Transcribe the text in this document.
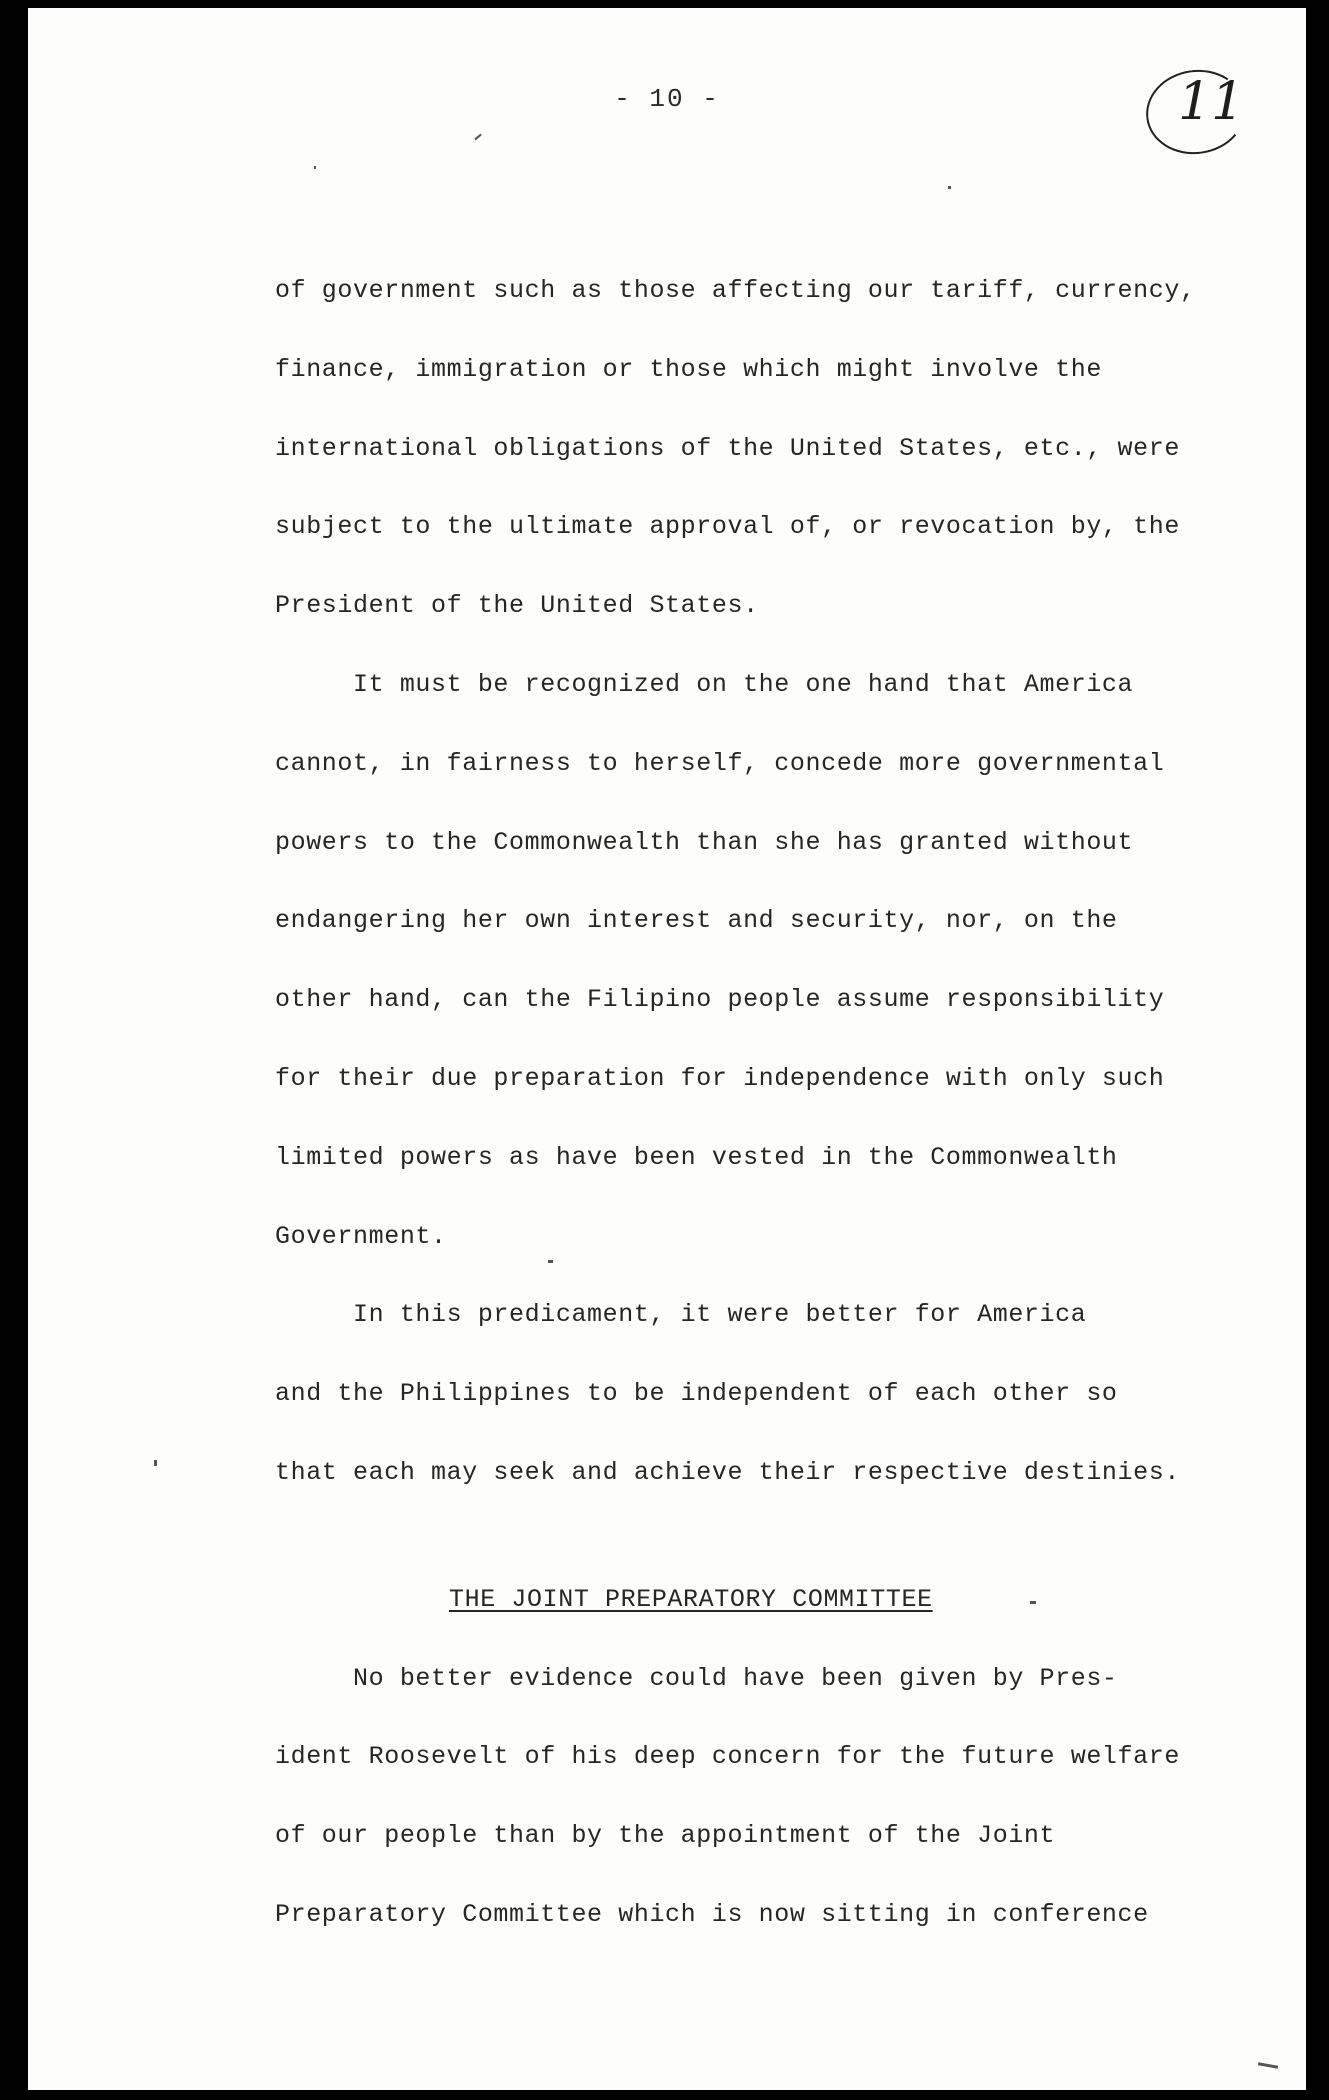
- 10 -	11
of government such as those affecting our tariff, currency,
finance, immigration or those which might involve the
international obligations of the United States, etc., were
subject to the ultimate approval of, or revocation by, the
President of the United States.
It must be recognized on the one hand that America
cannot, in fairness to herself, concede more governmental
powers to the Commonwealth than she has granted without
endangering her own interest and security, nor, on the
other hand, can the Filipino people assume responsibility
for their due preparation for independence with only such
limited powers as have been vested in the Commonwealth
Government.
In this predicament, it were better for America
and the Philippines to be independent of each other so
that each may seek and achieve their respective destinies.
THE JOINT PREPARATORY COMMITTEE
No better evidence could have been given by Pres-
ident Roosevelt of his deep concern for the future welfare
of our people than by the appointment of the Joint
Preparatory Committee which is now sitting in conference
